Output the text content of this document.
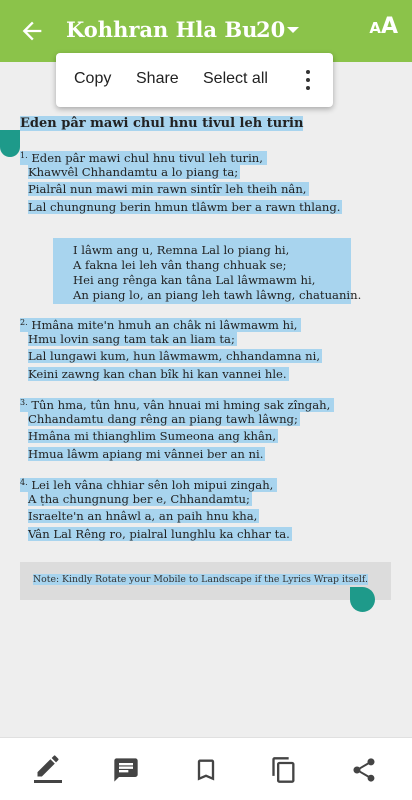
Kohhran Hla Bu
20	AA
Eden pâr mawi chul hnu tivul leh turin
$^{1.}$ Eden pâr mawi chul hnu tivul leh turin,
Khawvêl Chhandamtu a lo piang ta;
Pialrâl nun mawi min rawn sintîr leh theih nân,
Lal chungnung berin hmun tlâwm ber a rawn thlang.
I lâwm ang u, Remna Lal lo piang hi,
A fakna lei leh vân thang chhuak se;
Hei ang rênga kan tâna Lal lâwmawm hi,
An piang lo, an piang leh tawh lâwng, chatuanin.
$^{2.}$ Hmâna mite'n hmuh an châk ni lâwmawm hi,
Hmu lovin sang tam tak an liam ta;
Lal lungawi kum, hun lâwmawm, chhandamna ni,
Keini zawng kan chan bîk hi kan vannei hle.
$^{3.}$ Tûn hma, tûn hnu, vân hnuai mi hming sak zîngah,
Chhandamtu dang rêng an piang tawh lâwng;
Hmâna mi thianghlim Sumeona ang khân,
Hmua lâwm apiang mi vânnei ber an ni.
$^{4.}$ Lei leh vâna chhiar sên loh mipui zingah,
A ṭha chungnung ber e, Chhandamtu;
Israelte'n an hnâwl a, an paih hnu kha,
Vân Lal Rêng ro, pialral lunghlu ka chhar ta.
Note: Kindly Rotate your Mobile to Landscape if the Lyrics Wrap itself.
Copy Share Select all
